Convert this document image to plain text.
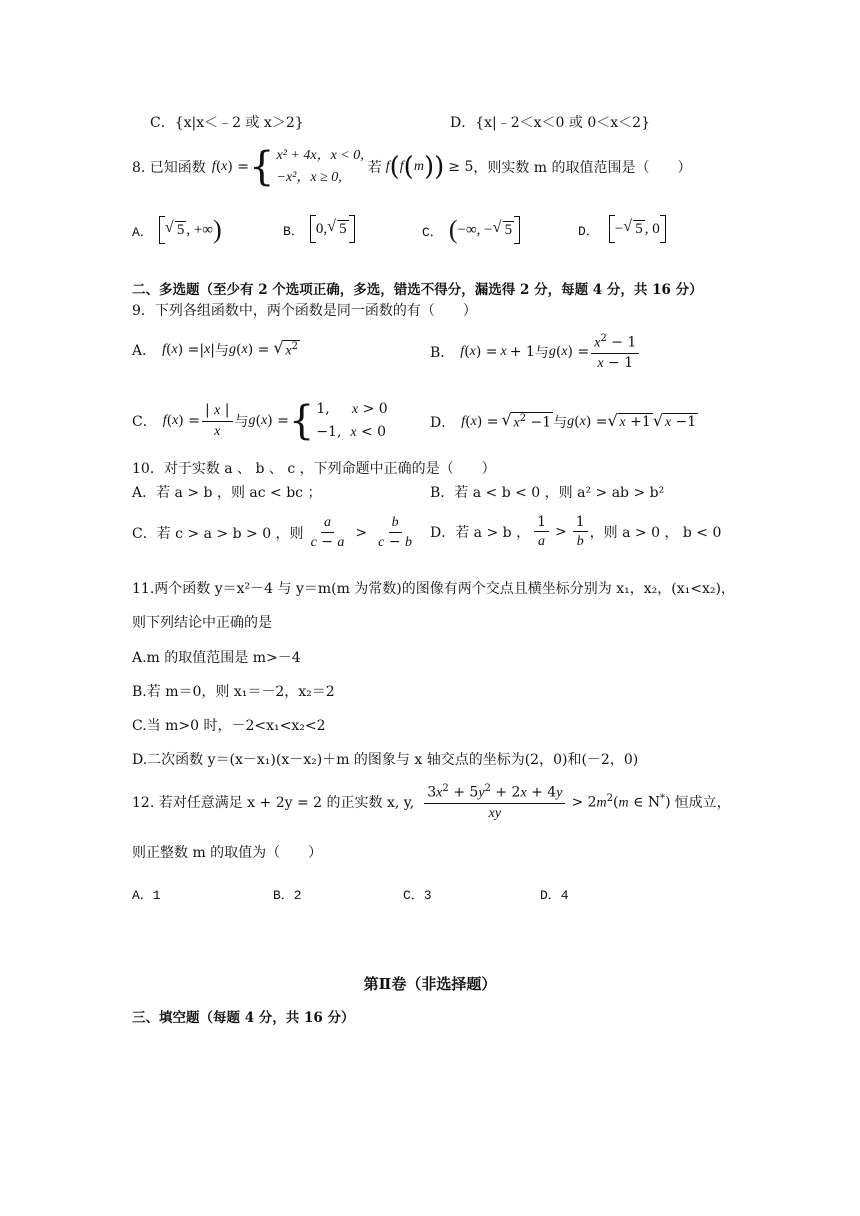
C．{x|x＜﹣2 或 x＞2}	D．{x|﹣2＜x＜0 或 0＜x＜2}
8. 已知函数 f ( x ) = { x² + 4x，x < 0,
−x²，x ≥ 0,
若 f ( f ( m ) ) ≥ 5 ，则实数 m 的取值范围是（　　）
A．	√ 5 , +∞ )	B． 0, √ 5	C． ( −∞, − √ 5	D． − √ 5 , 0
二、多选题（至少有 2 个选项正确，多选，错选不得分，漏选得 2 分，每题 4 分，共 16 分）
9．下列各组函数中，两个函数是同一函数的有（　　）
A． f ( x ) =| x | 与 g ( x ) =	√ $x^2$	B． f ( x ) = x + 1 与 g ( x ) = $\frac{x^2 - 1}{x - 1}$
C． f ( x ) = $\frac{| x |}{x}$ 与 g ( x ) = { 1,     x > 0
−1,  x < 0
D． f ( x ) =	√ $x^2 -1$ 与 g ( x ) = √ x +1	√ x −1
10．对于实数 a 、 b 、 c ，下列命题中正确的是（　　）
A．若 a > b ，则 ac < bc ；	B．若 a < b < 0 ，则 a² > ab > b²
C．若 c > a > b > 0 ，则 $\frac{a}{c - a} > \frac{b}{c - b}$ D．若 a > b ， $\frac{1}{a} > \frac{1}{b}$ ，则 a > 0 ， b < 0
11.两个函数 y＝x²－4 与 y＝m(m 为常数)的图像有两个交点且横坐标分别为 x₁，x₂，(x₁<x₂)，
则下列结论中正确的是
A.m 的取值范围是 m>－4
B.若 m＝0，则 x₁＝－2，x₂＝2
C.当 m>0 时，－2<x₁<x₂<2
D.二次函数 y＝(x－x₁)(x－x₂)＋m 的图象与 x 轴交点的坐标为(2，0)和(－2，0)
12. 若对任意满足 x + 2y = 2 的正实数 x, y, $\frac{3x^2 + 5y^2 + 2x + 4y}{xy} > 2m^2(m$ ∈ N*) 恒成立，
则正整数 m 的取值为（　　）
A．1	B．2	C．3	D．4
第Ⅱ卷（非选择题）
三、填空题（每题 4 分，共 16 分）
